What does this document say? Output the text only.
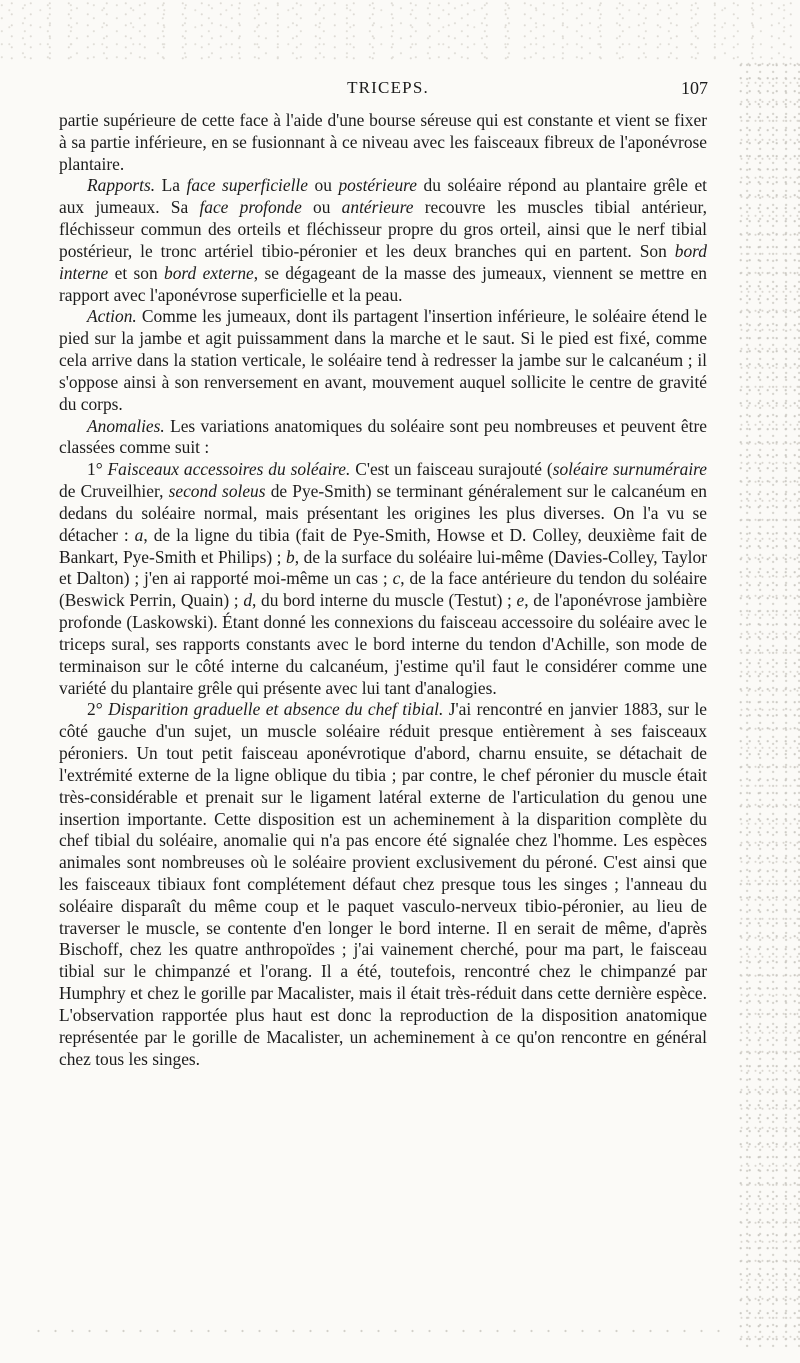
TRICEPS.	107

partie supérieure de cette face à l'aide d'une bourse séreuse qui est constante et vient se fixer à sa partie inférieure, en se fusionnant à ce niveau avec les faisceaux fibreux de l'aponévrose plantaire.

Rapports. La face superficielle ou postérieure du soléaire répond au plantaire grêle et aux jumeaux. Sa face profonde ou antérieure recouvre les muscles tibial antérieur, fléchisseur commun des orteils et fléchisseur propre du gros orteil, ainsi que le nerf tibial postérieur, le tronc artériel tibio-péronier et les deux branches qui en partent. Son bord interne et son bord externe, se dégageant de la masse des jumeaux, viennent se mettre en rapport avec l'aponévrose superficielle et la peau.

Action. Comme les jumeaux, dont ils partagent l'insertion inférieure, le soléaire étend le pied sur la jambe et agit puissamment dans la marche et le saut. Si le pied est fixé, comme cela arrive dans la station verticale, le soléaire tend à redresser la jambe sur le calcanéum ; il s'oppose ainsi à son renversement en avant, mouvement auquel sollicite le centre de gravité du corps.

Anomalies. Les variations anatomiques du soléaire sont peu nombreuses et peuvent être classées comme suit :

1° Faisceaux accessoires du soléaire. C'est un faisceau surajouté (soléaire surnuméraire de Cruveilhier, second soleus de Pye-Smith) se terminant généralement sur le calcanéum en dedans du soléaire normal, mais présentant les origines les plus diverses. On l'a vu se détacher : a, de la ligne du tibia (fait de Pye-Smith, Howse et D. Colley, deuxième fait de Bankart, Pye-Smith et Philips) ; b, de la surface du soléaire lui-même (Davies-Colley, Taylor et Dalton) ; j'en ai rapporté moi-même un cas ; c, de la face antérieure du tendon du soléaire (Beswick Perrin, Quain) ; d, du bord interne du muscle (Testut) ; e, de l'aponévrose jambière profonde (Laskowski). Étant donné les connexions du faisceau accessoire du soléaire avec le triceps sural, ses rapports constants avec le bord interne du tendon d'Achille, son mode de terminaison sur le côté interne du calcanéum, j'estime qu'il faut le considérer comme une variété du plantaire grêle qui présente avec lui tant d'analogies.

2° Disparition graduelle et absence du chef tibial. J'ai rencontré en janvier 1883, sur le côté gauche d'un sujet, un muscle soléaire réduit presque entièrement à ses faisceaux péroniers. Un tout petit faisceau aponévrotique d'abord, charnu ensuite, se détachait de l'extrémité externe de la ligne oblique du tibia ; par contre, le chef péronier du muscle était très-considérable et prenait sur le ligament latéral externe de l'articulation du genou une insertion importante. Cette disposition est un acheminement à la disparition complète du chef tibial du soléaire, anomalie qui n'a pas encore été signalée chez l'homme. Les espèces animales sont nombreuses où le soléaire provient exclusivement du péroné. C'est ainsi que les faisceaux tibiaux font complétement défaut chez presque tous les singes ; l'anneau du soléaire disparaît du même coup et le paquet vasculo-nerveux tibio-péronier, au lieu de traverser le muscle, se contente d'en longer le bord interne. Il en serait de même, d'après Bischoff, chez les quatre anthropoïdes ; j'ai vainement cherché, pour ma part, le faisceau tibial sur le chimpanzé et l'orang. Il a été, toutefois, rencontré chez le chimpanzé par Humphry et chez le gorille par Macalister, mais il était très-réduit dans cette dernière espèce. L'observation rapportée plus haut est donc la reproduction de la disposition anatomique représentée par le gorille de Macalister, un acheminement à ce qu'on rencontre en général chez tous les singes.
